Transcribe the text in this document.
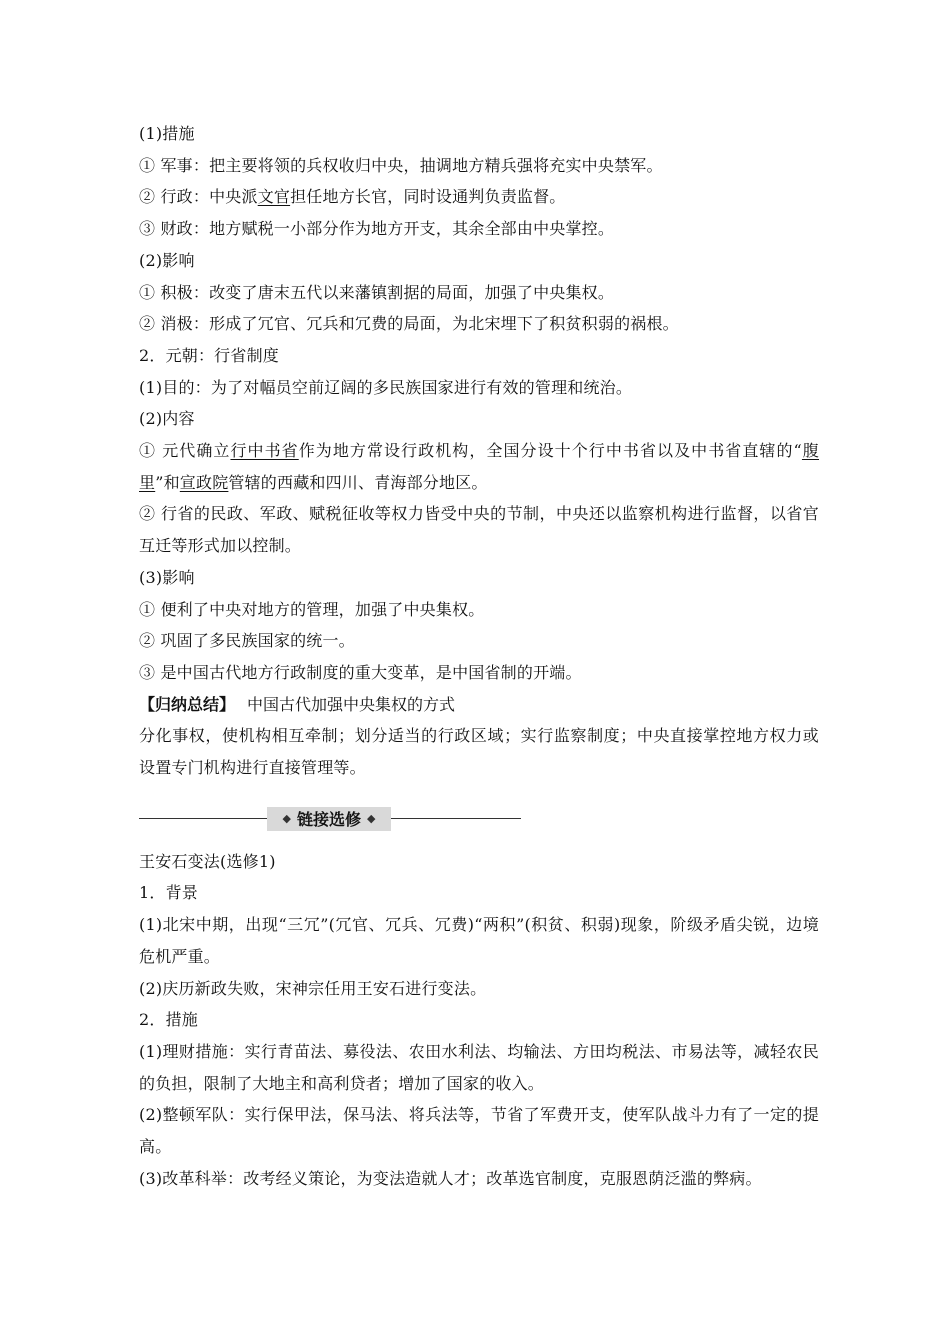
(1)措施
① 军事：把主要将领的兵权收归中央，抽调地方精兵强将充实中央禁军。
② 行政：中央派文官担任地方长官，同时设通判负责监督。
③ 财政：地方赋税一小部分作为地方开支，其余全部由中央掌控。
(2)影响
① 积极：改变了唐末五代以来藩镇割据的局面，加强了中央集权。
② 消极：形成了冗官、冗兵和冗费的局面，为北宋埋下了积贫积弱的祸根。
2．元朝：行省制度
(1)目的：为了对幅员空前辽阔的多民族国家进行有效的管理和统治。
(2)内容
① 元代确立行中书省作为地方常设行政机构，全国分设十个行中书省以及中书省直辖的“腹里”和宣政院管辖的西藏和四川、青海部分地区。
② 行省的民政、军政、赋税征收等权力皆受中央的节制，中央还以监察机构进行监督，以省官互迁等形式加以控制。
(3)影响
① 便利了中央对地方的管理，加强了中央集权。
② 巩固了多民族国家的统一。
③ 是中国古代地方行政制度的重大变革，是中国省制的开端。
【归纳总结】 中国古代加强中央集权的方式
分化事权，使机构相互牵制；划分适当的行政区域；实行监察制度；中央直接掌控地方权力或设置专门机构进行直接管理等。
◆ 链接选修 ◆
王安石变法(选修1)
1．背景
(1)北宋中期，出现“三冗”(冗官、冗兵、冗费)“两积”(积贫、积弱)现象，阶级矛盾尖锐，边境危机严重。
(2)庆历新政失败，宋神宗任用王安石进行变法。
2．措施
(1)理财措施：实行青苗法、募役法、农田水利法、均输法、方田均税法、市易法等，减轻农民的负担，限制了大地主和高利贷者；增加了国家的收入。
(2)整顿军队：实行保甲法，保马法、将兵法等，节省了军费开支，使军队战斗力有了一定的提高。
(3)改革科举：改考经义策论，为变法造就人才；改革选官制度，克服恩荫泛滥的弊病。
